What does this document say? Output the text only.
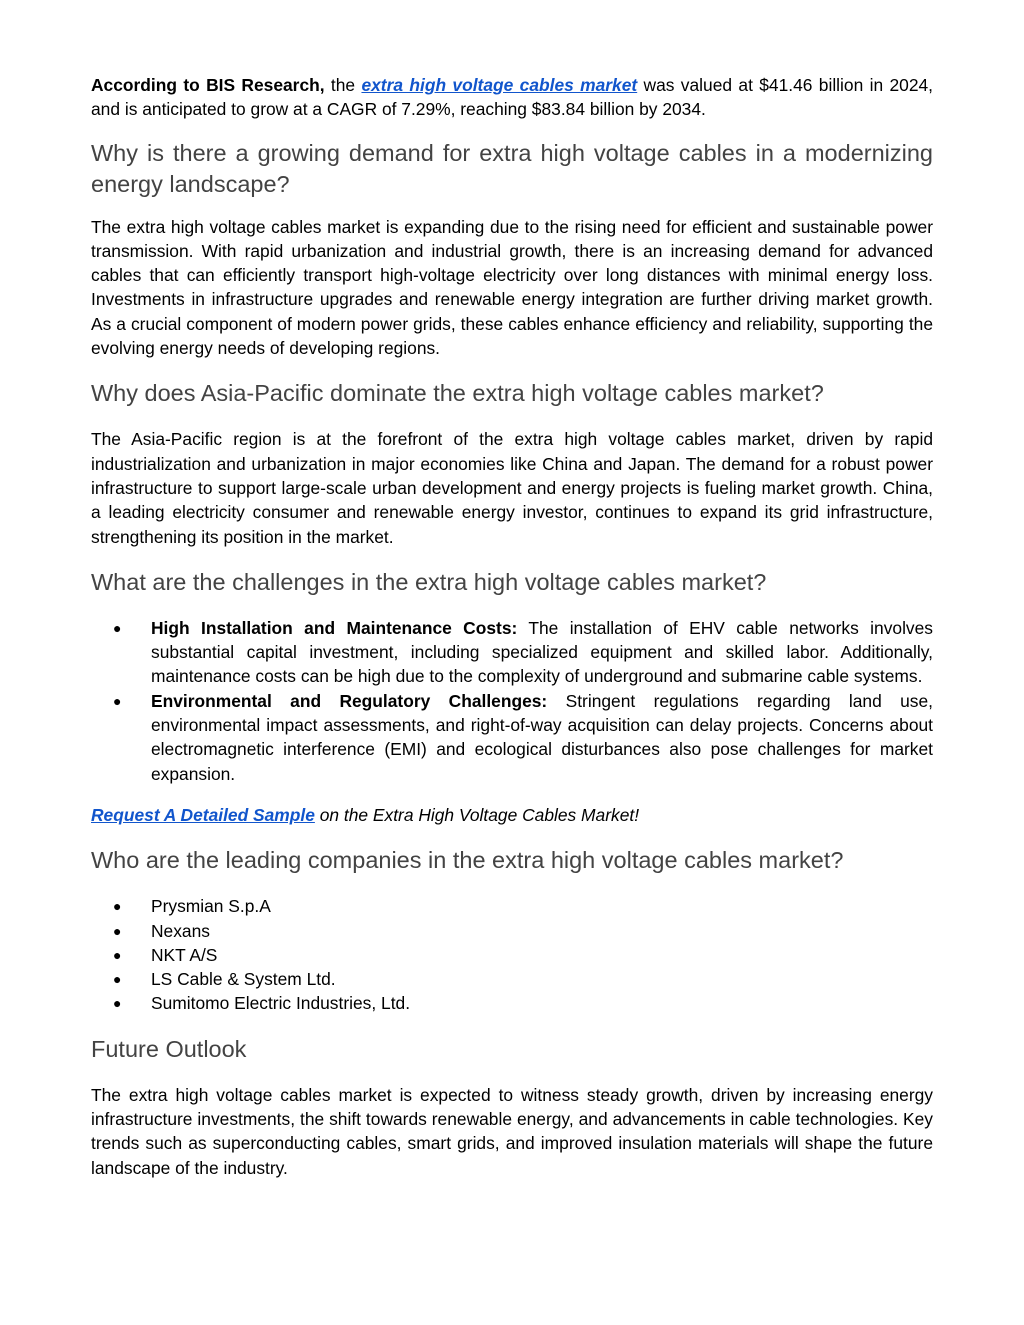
According to BIS Research, the extra high voltage cables market was valued at $41.46 billion in 2024, and is anticipated to grow at a CAGR of 7.29%, reaching $83.84 billion by 2034.

Why is there a growing demand for extra high voltage cables in a modernizing energy landscape?

The extra high voltage cables market is expanding due to the rising need for efficient and sustainable power transmission. With rapid urbanization and industrial growth, there is an increasing demand for advanced cables that can efficiently transport high-voltage electricity over long distances with minimal energy loss. Investments in infrastructure upgrades and renewable energy integration are further driving market growth. As a crucial component of modern power grids, these cables enhance efficiency and reliability, supporting the evolving energy needs of developing regions.

Why does Asia-Pacific dominate the extra high voltage cables market?

The Asia-Pacific region is at the forefront of the extra high voltage cables market, driven by rapid industrialization and urbanization in major economies like China and Japan. The demand for a robust power infrastructure to support large-scale urban development and energy projects is fueling market growth. China, a leading electricity consumer and renewable energy investor, continues to expand its grid infrastructure, strengthening its position in the market.

What are the challenges in the extra high voltage cables market?
● High Installation and Maintenance Costs: The installation of EHV cable networks involves substantial capital investment, including specialized equipment and skilled labor. Additionally, maintenance costs can be high due to the complexity of underground and submarine cable systems.
● Environmental and Regulatory Challenges: Stringent regulations regarding land use, environmental impact assessments, and right-of-way acquisition can delay projects. Concerns about electromagnetic interference (EMI) and ecological disturbances also pose challenges for market expansion.

Request A Detailed Sample on the Extra High Voltage Cables Market!

Who are the leading companies in the extra high voltage cables market?
● Prysmian S.p.A
● Nexans
● NKT A/S
● LS Cable & System Ltd.
● Sumitomo Electric Industries, Ltd.
Future Outlook

The extra high voltage cables market is expected to witness steady growth, driven by increasing energy infrastructure investments, the shift towards renewable energy, and advancements in cable technologies. Key trends such as superconducting cables, smart grids, and improved insulation materials will shape the future landscape of the industry.
